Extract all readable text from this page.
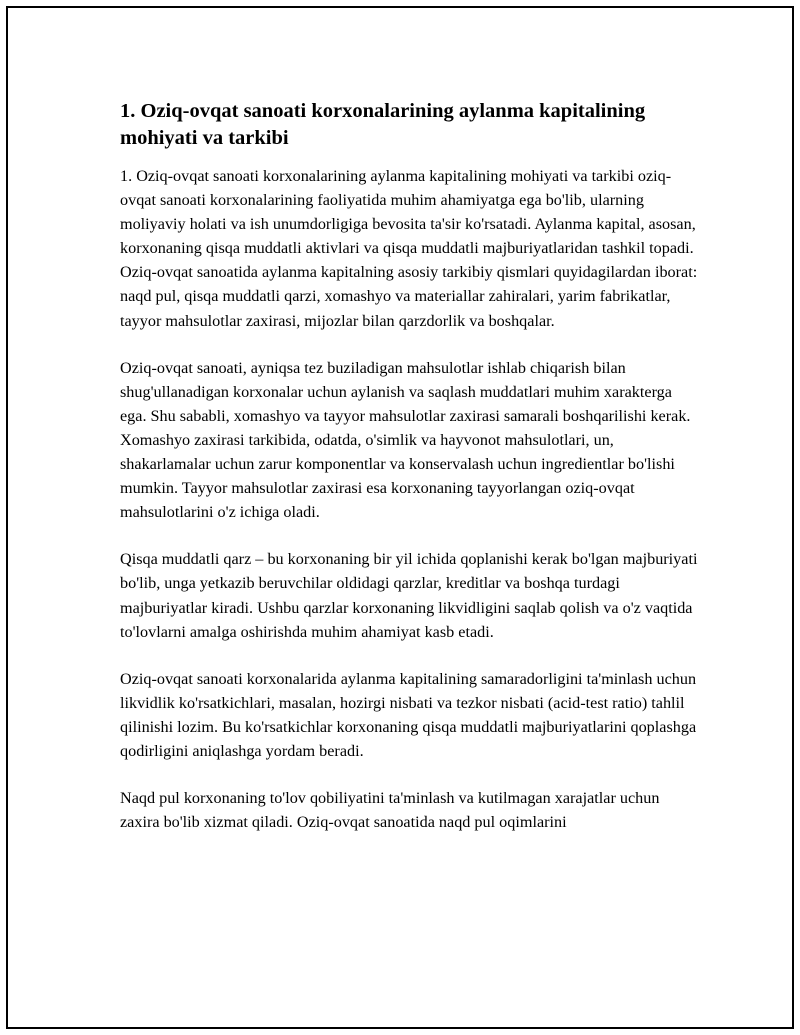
1. Oziq-ovqat sanoati korxonalarining aylanma kapitalining mohiyati va tarkibi

1. Oziq-ovqat sanoati korxonalarining aylanma kapitalining mohiyati va tarkibi oziq-ovqat sanoati korxonalarining faoliyatida muhim ahamiyatga ega bo'lib, ularning moliyaviy holati va ish unumdorligiga bevosita ta'sir ko'rsatadi. Aylanma kapital, asosan, korxonaning qisqa muddatli aktivlari va qisqa muddatli majburiyatlaridan tashkil topadi. Oziq-ovqat sanoatida aylanma kapitalning asosiy tarkibiy qismlari quyidagilardan iborat: naqd pul, qisqa muddatli qarzi, xomashyo va materiallar zahiralari, yarim fabrikatlar, tayyor mahsulotlar zaxirasi, mijozlar bilan qarzdorlik va boshqalar.

Oziq-ovqat sanoati, ayniqsa tez buziladigan mahsulotlar ishlab chiqarish bilan shug'ullanadigan korxonalar uchun aylanish va saqlash muddatlari muhim xarakterga ega. Shu sababli, xomashyo va tayyor mahsulotlar zaxirasi samarali boshqarilishi kerak. Xomashyo zaxirasi tarkibida, odatda, o'simlik va hayvonot mahsulotlari, un, shakarlamalar uchun zarur komponentlar va konservalash uchun ingredientlar bo'lishi mumkin. Tayyor mahsulotlar zaxirasi esa korxonaning tayyorlangan oziq-ovqat mahsulotlarini o'z ichiga oladi.

Qisqa muddatli qarz – bu korxonaning bir yil ichida qoplanishi kerak bo'lgan majburiyati bo'lib, unga yetkazib beruvchilar oldidagi qarzlar, kreditlar va boshqa turdagi majburiyatlar kiradi. Ushbu qarzlar korxonaning likvidligini saqlab qolish va o'z vaqtida to'lovlarni amalga oshirishda muhim ahamiyat kasb etadi.

Oziq-ovqat sanoati korxonalarida aylanma kapitalining samaradorligini ta'minlash uchun likvidlik ko'rsatkichlari, masalan, hozirgi nisbati va tezkor nisbati (acid-test ratio) tahlil qilinishi lozim. Bu ko'rsatkichlar korxonaning qisqa muddatli majburiyatlarini qoplashga qodirligini aniqlashga yordam beradi.

Naqd pul korxonaning to'lov qobiliyatini ta'minlash va kutilmagan xarajatlar uchun zaxira bo'lib xizmat qiladi. Oziq-ovqat sanoatida naqd pul oqimlarini
